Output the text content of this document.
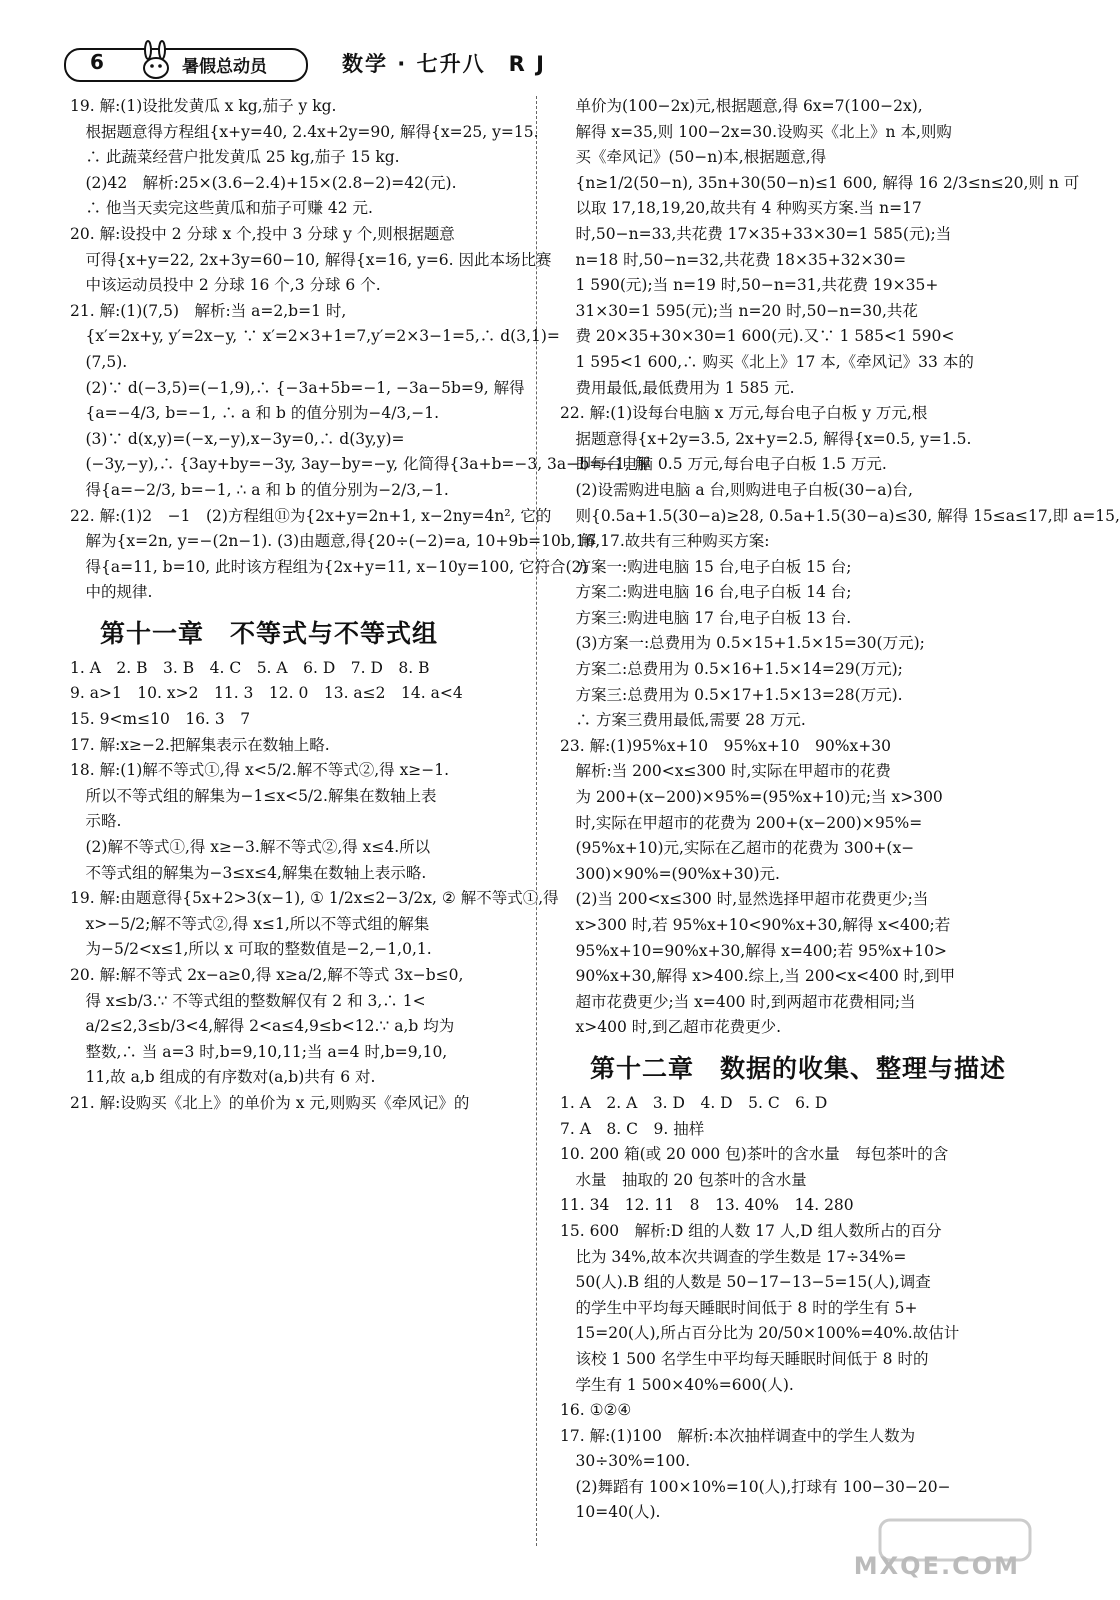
6	暑假总动员	数学 · 七升八　R J
19. 解:(1)设批发黄瓜 x kg,茄子 y kg.
　根据题意得方程组{x+y=40, 2.4x+2y=90, 解得{x=25, y=15.
　∴ 此蔬菜经营户批发黄瓜 25 kg,茄子 15 kg.
　(2)42　解析:25×(3.6−2.4)+15×(2.8−2)=42(元).
　∴ 他当天卖完这些黄瓜和茄子可赚 42 元.
20. 解:设投中 2 分球 x 个,投中 3 分球 y 个,则根据题意
　可得{x+y=22, 2x+3y=60−10, 解得{x=16, y=6. 因此本场比赛
　中该运动员投中 2 分球 16 个,3 分球 6 个.
21. 解:(1)(7,5)　解析:当 a=2,b=1 时,
　{x′=2x+y, y′=2x−y, ∵ x′=2×3+1=7,y′=2×3−1=5,∴ d(3,1)=
　(7,5).
　(2)∵ d(−3,5)=(−1,9),∴ {−3a+5b=−1, −3a−5b=9, 解得
　{a=−4/3, b=−1, ∴ a 和 b 的值分别为−4/3,−1.
　(3)∵ d(x,y)=(−x,−y),x−3y=0,∴ d(3y,y)=
　(−3y,−y),∴ {3ay+by=−3y, 3ay−by=−y, 化简得{3a+b=−3, 3a−b=−1, 解
　得{a=−2/3, b=−1, ∴ a 和 b 的值分别为−2/3,−1.
22. 解:(1)2　−1　(2)方程组⑪为{2x+y=2n+1, x−2ny=4n², 它的
　解为{x=2n, y=−(2n−1). (3)由题意,得{20÷(−2)=a, 10+9b=10b, 解
　得{a=11, b=10, 此时该方程组为{2x+y=11, x−10y=100, 它符合(2)
　中的规律.
第十一章　不等式与不等式组
1. A　2. B　3. B　4. C　5. A　6. D　7. D　8. B
9. a>1　10. x>2　11. 3　12. 0　13. a≤2　14. a<4
15. 9<m≤10　16. 3　7
17. 解:x≥−2.把解集表示在数轴上略.
18. 解:(1)解不等式①,得 x<5/2.解不等式②,得 x≥−1.
　所以不等式组的解集为−1≤x<5/2.解集在数轴上表
　示略.
　(2)解不等式①,得 x≥−3.解不等式②,得 x≤4.所以
　不等式组的解集为−3≤x≤4,解集在数轴上表示略.
19. 解:由题意得{5x+2>3(x−1), ① 1/2x≤2−3/2x, ② 解不等式①,得
　x>−5/2;解不等式②,得 x≤1,所以不等式组的解集
　为−5/2<x≤1,所以 x 可取的整数值是−2,−1,0,1.
20. 解:解不等式 2x−a≥0,得 x≥a/2,解不等式 3x−b≤0,
　得 x≤b/3.∵ 不等式组的整数解仅有 2 和 3,∴ 1<
　a/2≤2,3≤b/3<4,解得 2<a≤4,9≤b<12.∵ a,b 均为
　整数,∴ 当 a=3 时,b=9,10,11;当 a=4 时,b=9,10,
　11,故 a,b 组成的有序数对(a,b)共有 6 对.
21. 解:设购买《北上》的单价为 x 元,则购买《牵风记》的
　单价为(100−2x)元,根据题意,得 6x=7(100−2x),
　解得 x=35,则 100−2x=30.设购买《北上》n 本,则购
　买《牵风记》(50−n)本,根据题意,得
　{n≥1/2(50−n), 35n+30(50−n)≤1 600, 解得 16 2/3≤n≤20,则 n 可
　以取 17,18,19,20,故共有 4 种购买方案.当 n=17
　时,50−n=33,共花费 17×35+33×30=1 585(元);当
　n=18 时,50−n=32,共花费 18×35+32×30=
　1 590(元);当 n=19 时,50−n=31,共花费 19×35+
　31×30=1 595(元);当 n=20 时,50−n=30,共花
　费 20×35+30×30=1 600(元).又∵ 1 585<1 590<
　1 595<1 600,∴ 购买《北上》17 本,《牵风记》33 本的
　费用最低,最低费用为 1 585 元.
22. 解:(1)设每台电脑 x 万元,每台电子白板 y 万元,根
　据题意得{x+2y=3.5, 2x+y=2.5, 解得{x=0.5, y=1.5.
　即每台电脑 0.5 万元,每台电子白板 1.5 万元.
　(2)设需购进电脑 a 台,则购进电子白板(30−a)台,
　则{0.5a+1.5(30−a)≥28, 0.5a+1.5(30−a)≤30, 解得 15≤a≤17,即 a=15,
　16,17.故共有三种购买方案:
　方案一:购进电脑 15 台,电子白板 15 台;
　方案二:购进电脑 16 台,电子白板 14 台;
　方案三:购进电脑 17 台,电子白板 13 台.
　(3)方案一:总费用为 0.5×15+1.5×15=30(万元);
　方案二:总费用为 0.5×16+1.5×14=29(万元);
　方案三:总费用为 0.5×17+1.5×13=28(万元).
　∴ 方案三费用最低,需要 28 万元.
23. 解:(1)95%x+10　95%x+10　90%x+30
　解析:当 200<x≤300 时,实际在甲超市的花费
　为 200+(x−200)×95%=(95%x+10)元;当 x>300
　时,实际在甲超市的花费为 200+(x−200)×95%=
　(95%x+10)元,实际在乙超市的花费为 300+(x−
　300)×90%=(90%x+30)元.
　(2)当 200<x≤300 时,显然选择甲超市花费更少;当
　x>300 时,若 95%x+10<90%x+30,解得 x<400;若
　95%x+10=90%x+30,解得 x=400;若 95%x+10>
　90%x+30,解得 x>400.综上,当 200<x<400 时,到甲
　超市花费更少;当 x=400 时,到两超市花费相同;当
　x>400 时,到乙超市花费更少.
第十二章　数据的收集、整理与描述
1. A　2. A　3. D　4. D　5. C　6. D
7. A　8. C　9. 抽样
10. 200 箱(或 20 000 包)茶叶的含水量　每包茶叶的含
　水量　抽取的 20 包茶叶的含水量
11. 34　12. 11　8　13. 40%　14. 280
15. 600　解析:D 组的人数 17 人,D 组人数所占的百分
　比为 34%,故本次共调查的学生数是 17÷34%=
　50(人).B 组的人数是 50−17−13−5=15(人),调查
　的学生中平均每天睡眠时间低于 8 时的学生有 5+
　15=20(人),所占百分比为 20/50×100%=40%.故估计
　该校 1 500 名学生中平均每天睡眠时间低于 8 时的
　学生有 1 500×40%=600(人).
16. ①②④
17. 解:(1)100　解析:本次抽样调查中的学生人数为
　30÷30%=100.
　(2)舞蹈有 100×10%=10(人),打球有 100−30−20−
　10=40(人).
MXQE.COM
